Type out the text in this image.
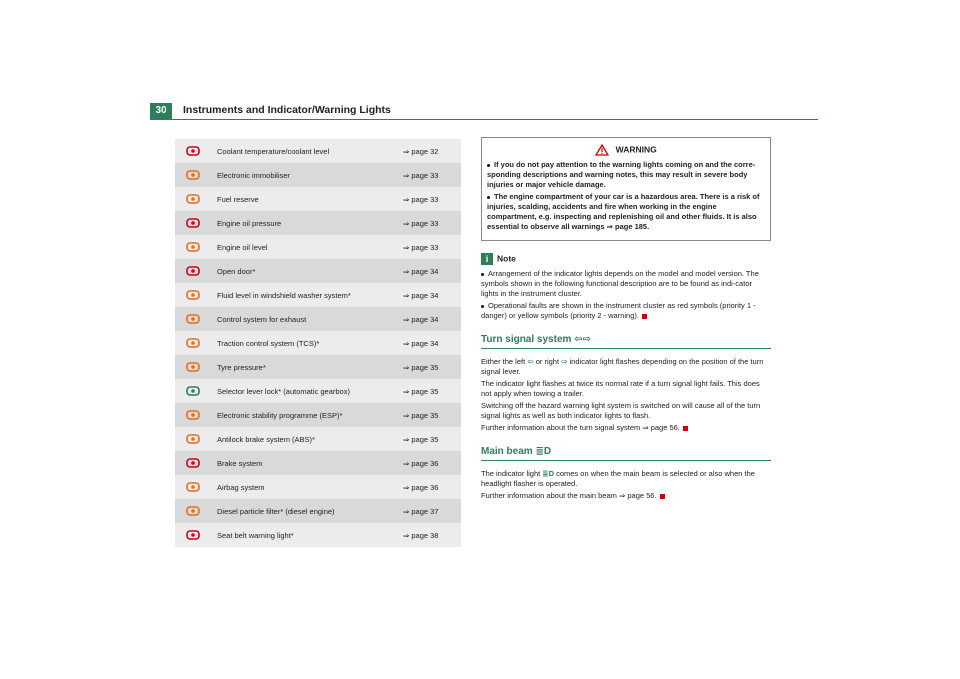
30	Instruments and Indicator/Warning Lights
	Coolant temperature/coolant level	⇒ page 32
	Electronic immobiliser	⇒ page 33
	Fuel reserve	⇒ page 33
	Engine oil pressure	⇒ page 33
	Engine oil level	⇒ page 33
	Open door*	⇒ page 34
	Fluid level in windshield washer system*	⇒ page 34
	Control system for exhaust	⇒ page 34
	Traction control system (TCS)*	⇒ page 34
	Tyre pressure*	⇒ page 35
	Selector lever lock* (automatic gearbox)	⇒ page 35
	Electronic stability programme (ESP)*	⇒ page 35
	Antilock brake system (ABS)*	⇒ page 35
	Brake system	⇒ page 36
	Airbag system	⇒ page 36
	Diesel particle filter* (diesel engine)	⇒ page 37
	Seat belt warning light*	⇒ page 38
WARNING
If you do not pay attention to the warning lights coming on and the corre-sponding descriptions and warning notes, this may result in severe body injuries or major vehicle damage.
The engine compartment of your car is a hazardous area. There is a risk of injuries, scalding, accidents and fire when working in the engine compartment, e.g. inspecting and replenishing oil and other fluids. It is also essential to observe all warnings ⇒ page 185.
i Note
Arrangement of the indicator lights depends on the model and model version. The symbols shown in the following functional description are to be found as indi-cator lights in the instrument cluster.
Operational faults are shown in the instrument cluster as red symbols (priority 1 - danger) or yellow symbols (priority 2 - warning).
Turn signal system ⇦⇨
Either the left ⇦ or right ⇨ indicator light flashes depending on the position of the turn signal lever.
The indicator light flashes at twice its normal rate if a turn signal light fails. This does not apply when towing a trailer.
Switching off the hazard warning light system is switched on will cause all of the turn signal lights as well as both indicator lights to flash.
Further information about the turn signal system ⇒ page 56.
Main beam ≣D
The indicator light ≣D comes on when the main beam is selected or also when the headlight flasher is operated.
Further information about the main beam ⇒ page 56.
